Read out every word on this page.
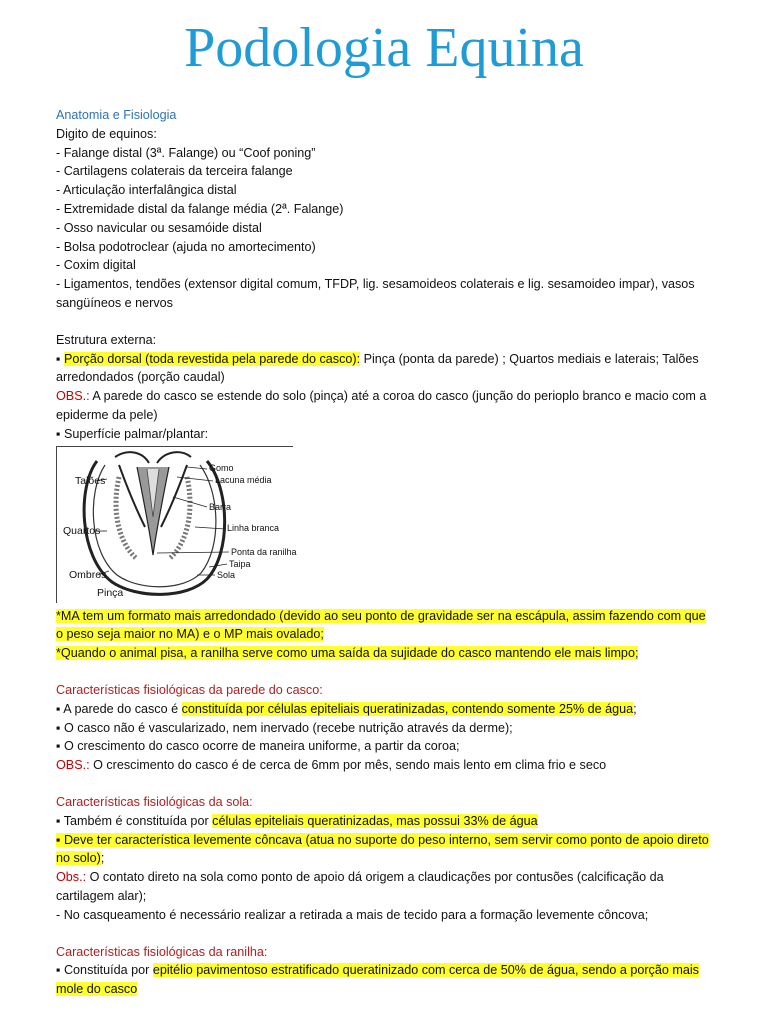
Podologia Equina

Anatomia e Fisiologia

Digito de equinos:

- Falange distal (3ª. Falange) ou “Coof poning”

- Cartilagens colaterais da terceira falange

- Articulação interfalângica distal

- Extremidade distal da falange média (2ª. Falange)

- Osso navicular ou sesamóide distal

- Bolsa podotroclear (ajuda no amortecimento)

- Coxim digital

- Ligamentos, tendões (extensor digital comum, TFDP, lig. sesamoideos colaterais e lig. sesamoideo impar), vasos sangüíneos e nervos

Estrutura externa:

▪ Porção dorsal (toda revestida pela parede do casco): Pinça (ponta da parede) ; Quartos mediais e laterais; Talões arredondados (porção caudal)

OBS.: A parede do casco se estende do solo (pinça) até a coroa do casco (junção do perioplo branco e macio com a epiderme da pele)

▪ Superfície palmar/plantar:

Talões
Quartos
Ombros
Pinça
Gomo
Lacuna média
Barra
Linha branca
Ponta da ranilha
Taipa
Sola

*MA tem um formato mais arredondado (devido ao seu ponto de gravidade ser na escápula, assim fazendo com que o peso seja maior no MA) e o MP mais ovalado;

*Quando o animal pisa, a ranilha serve como uma saída da sujidade do casco mantendo ele mais limpo;

Características fisiológicas da parede do casco:

▪ A parede do casco é constituída por células epiteliais queratinizadas, contendo somente 25% de água;

▪ O casco não é vascularizado, nem inervado (recebe nutrição através da derme);

▪ O crescimento do casco ocorre de maneira uniforme, a partir da coroa;

OBS.: O crescimento do casco é de cerca de 6mm por mês, sendo mais lento em clima frio e seco

Características fisiológicas da sola:

▪ Também é constituída por células epiteliais queratinizadas, mas possui 33% de água

▪ Deve ter característica levemente côncava (atua no suporte do peso interno, sem servir como ponto de apoio direto no solo);

Obs.: O contato direto na sola como ponto de apoio dá origem a claudicações por contusões (calcificação da cartilagem alar);

- No casqueamento é necessário realizar a retirada a mais de tecido para a formação levemente côncova;

Características fisiológicas da ranilha:

▪ Constituída por epitélio pavimentoso estratificado queratinizado com cerca de 50% de água, sendo a porção mais mole do casco
